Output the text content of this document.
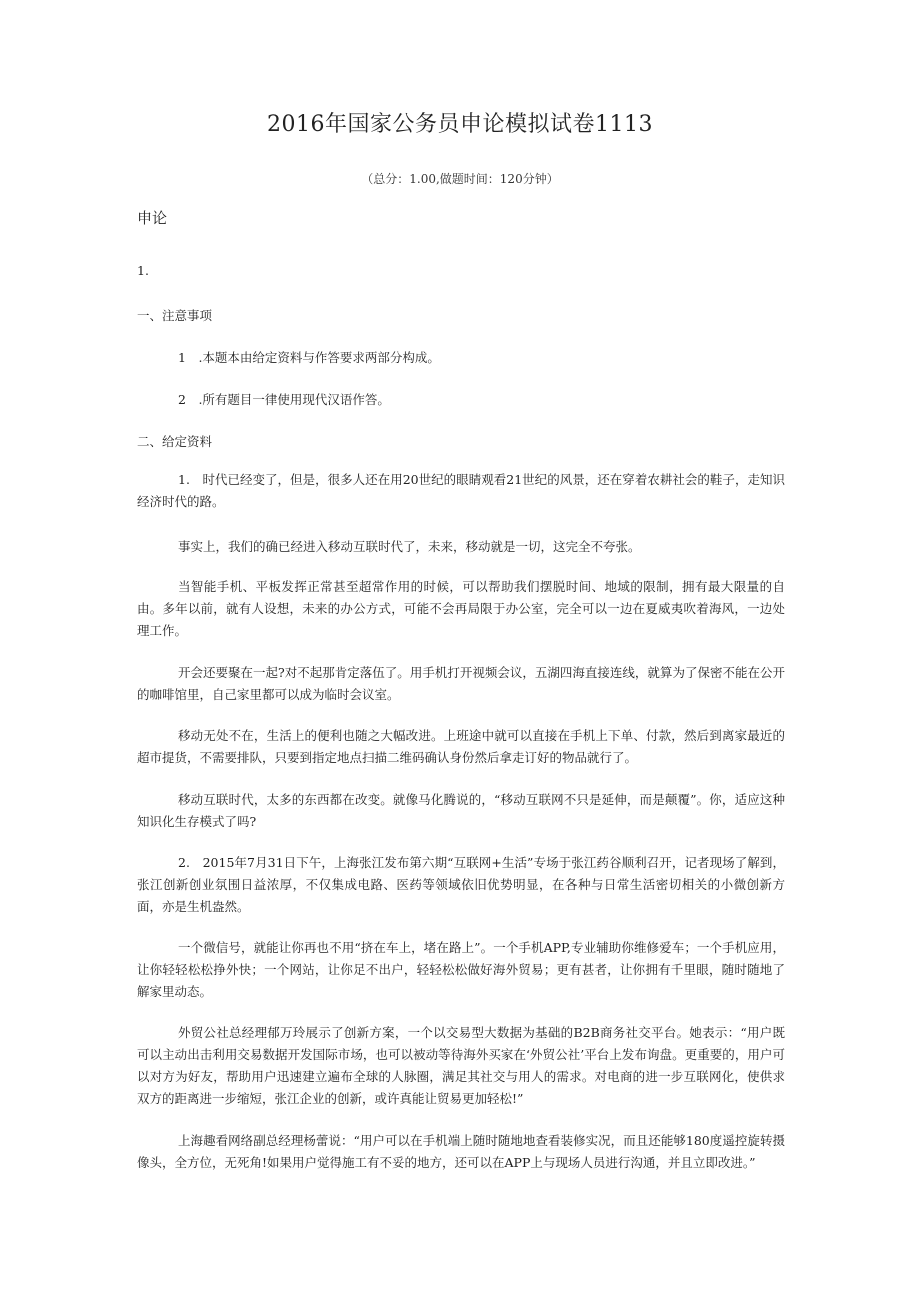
2016年国家公务员申论模拟试卷1113
（总分：1.00,做题时间：120分钟）
申论
1.
一、注意事项
1　.本题本由给定资料与作答要求两部分构成。
2　.所有题目一律使用现代汉语作答。
二、给定资料

1.　时代已经变了，但是，很多人还在用20世纪的眼睛观看21世纪的风景，还在穿着农耕社会的鞋子，走知识经济时代的路。

事实上，我们的确已经进入移动互联时代了，未来，移动就是一切，这完全不夸张。

当智能手机、平板发挥正常甚至超常作用的时候，可以帮助我们摆脱时间、地域的限制，拥有最大限量的自由。多年以前，就有人设想，未来的办公方式，可能不会再局限于办公室，完全可以一边在夏威夷吹着海风，一边处理工作。

开会还要聚在一起?对不起那肯定落伍了。用手机打开视频会议，五湖四海直接连线，就算为了保密不能在公开的咖啡馆里，自己家里都可以成为临时会议室。

移动无处不在，生活上的便利也随之大幅改进。上班途中就可以直接在手机上下单、付款，然后到离家最近的超市提货，不需要排队，只要到指定地点扫描二维码确认身份然后拿走订好的物品就行了。

移动互联时代，太多的东西都在改变。就像马化腾说的，“移动互联网不只是延伸，而是颠覆”。你，适应这种知识化生存模式了吗?

2.　2015年7月31日下午，上海张江发布第六期“互联网+生活”专场于张江药谷顺利召开，记者现场了解到，张江创新创业氛围日益浓厚，不仅集成电路、医药等领域依旧优势明显，在各种与日常生活密切相关的小微创新方面，亦是生机盎然。

一个微信号，就能让你再也不用“挤在车上，堵在路上”。一个手机APP,专业辅助你维修爱车；一个手机应用，让你轻轻松松挣外快；一个网站，让你足不出户，轻轻松松做好海外贸易；更有甚者，让你拥有千里眼，随时随地了解家里动态。

外贸公社总经理郁万玲展示了创新方案，一个以交易型大数据为基础的B2B商务社交平台。她表示：“用户既可以主动出击利用交易数据开发国际市场，也可以被动等待海外买家在‘外贸公社’平台上发布询盘。更重要的，用户可以对方为好友，帮助用户迅速建立遍布全球的人脉圈，满足其社交与用人的需求。对电商的进一步互联网化，使供求双方的距离进一步缩短，张江企业的创新，或许真能让贸易更加轻松!”

上海趣看网络副总经理杨蕾说：“用户可以在手机端上随时随地地查看装修实况，而且还能够180度遥控旋转摄像头，全方位，无死角!如果用户觉得施工有不妥的地方，还可以在APP上与现场人员进行沟通，并且立即改进。”
